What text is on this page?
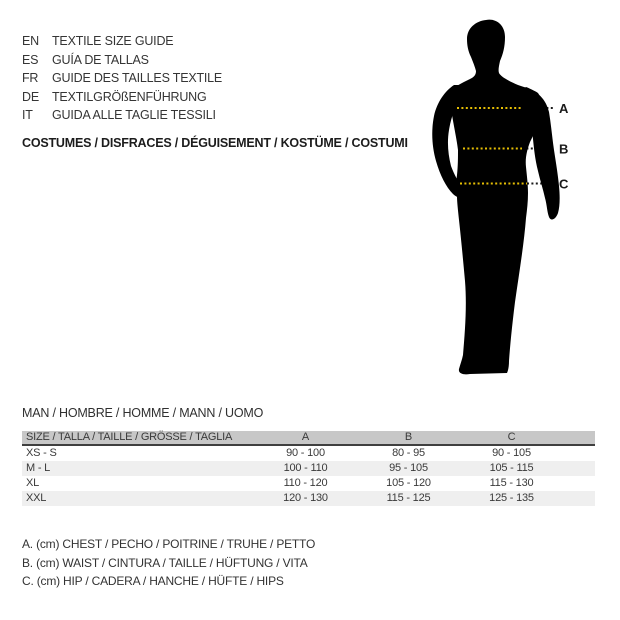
EN	TEXTILE SIZE GUIDE
ES	GUÍA DE TALLAS
FR	GUIDE DES TAILLES TEXTILE
DE	TEXTILGRÖßENFÜHRUNG
IT	GUIDA ALLE TAGLIE TESSILI
COSTUMES / DISFRACES / DÉGUISEMENT / KOSTÜME / COSTUMI
A
B
C
MAN / HOMBRE / HOMME / MANN / UOMO
SIZE / TALLA / TAILLE / GRÖSSE / TAGLIA	A	B	C	
XS - S	90 - 100	80 - 95	90 - 105	
M - L	100 - 110	95 - 105	105 - 115	
XL	110 - 120	105 - 120	115 - 130	
XXL	120 - 130	115 - 125	125 - 135	
A. (cm) CHEST / PECHO / POITRINE / TRUHE / PETTO
B. (cm) WAIST / CINTURA / TAILLE / HÜFTUNG / VITA
C. (cm) HIP / CADERA / HANCHE / HÜFTE / HIPS
